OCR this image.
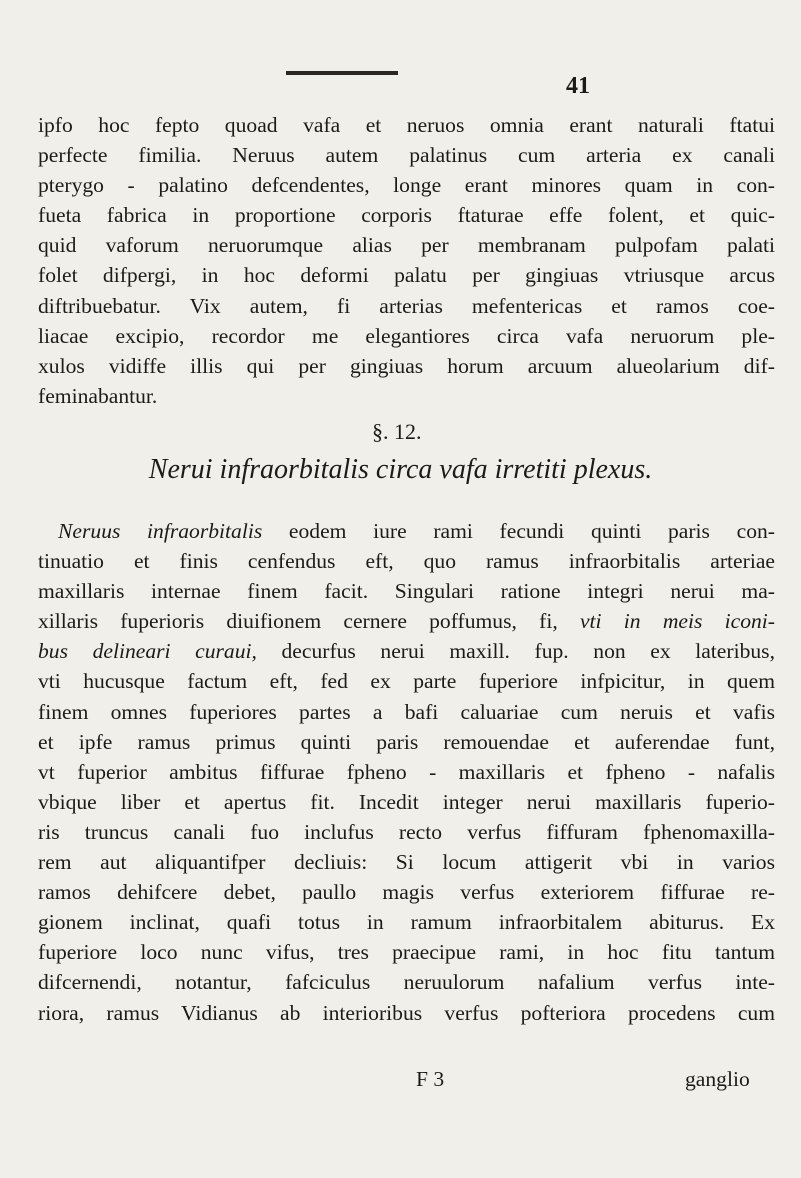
41
ipfo hoc fepto quoad vafa et neruos omnia erant naturali ftatui
perfecte fimilia. Neruus autem palatinus cum arteria ex canali
pterygo - palatino defcendentes, longe erant minores quam in con-
fueta fabrica in proportione corporis ftaturae effe folent, et quic-
quid vaforum neruorumque alias per membranam pulpofam palati
folet difpergi, in hoc deformi palatu per gingiuas vtriusque arcus
diftribuebatur. Vix autem, fi arterias mefentericas et ramos coe-
liacae excipio, recordor me elegantiores circa vafa neruorum ple-
xulos vidiffe illis qui per gingiuas horum arcuum alueolarium dif-
feminabantur.
§. 12.
Nerui infraorbitalis circa vafa irretiti plexus.
Neruus infraorbitalis eodem iure rami fecundi quinti paris con-
tinuatio et finis cenfendus eft, quo ramus infraorbitalis arteriae
maxillaris internae finem facit. Singulari ratione integri nerui ma-
xillaris fuperioris diuifionem cernere poffumus, fi, vti in meis iconi-
bus delineari curaui, decurfus nerui maxill. fup. non ex lateribus,
vti hucusque factum eft, fed ex parte fuperiore infpicitur, in quem
finem omnes fuperiores partes a bafi caluariae cum neruis et vafis
et ipfe ramus primus quinti paris remouendae et auferendae funt,
vt fuperior ambitus fiffurae fpheno - maxillaris et fpheno - nafalis
vbique liber et apertus fit. Incedit integer nerui maxillaris fuperio-
ris truncus canali fuo inclufus recto verfus fiffuram fphenomaxilla-
rem aut aliquantifper decliuis: Si locum attigerit vbi in varios
ramos dehifcere debet, paullo magis verfus exteriorem fiffurae re-
gionem inclinat, quafi totus in ramum infraorbitalem abiturus. Ex
fuperiore loco nunc vifus, tres praecipue rami, in hoc fitu tantum
difcernendi, notantur, fafciculus neruulorum nafalium verfus inte-
riora, ramus Vidianus ab interioribus verfus pofteriora procedens cum
F 3	ganglio
